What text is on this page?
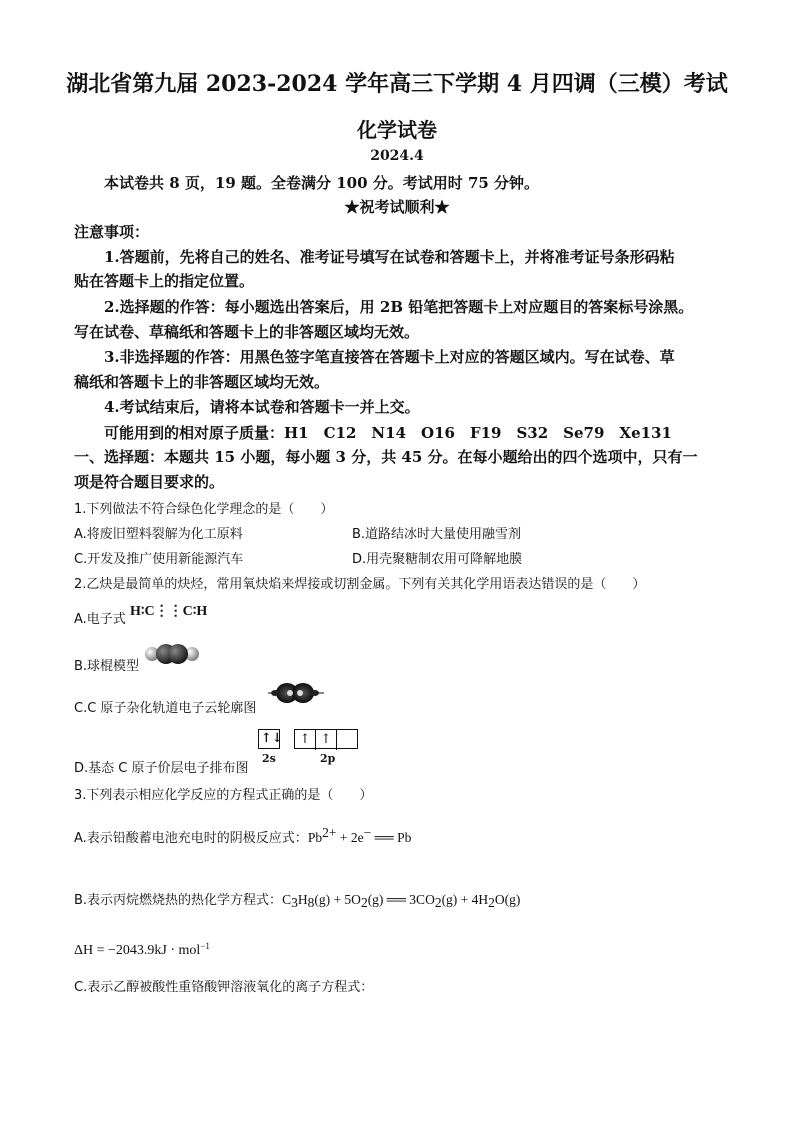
湖北省第九届 2023-2024 学年高三下学期 4 月四调（三模）考试
化学试卷
2024.4
本试卷共 8 页，19 题。全卷满分 100 分。考试用时 75 分钟。
★祝考试顺利★
注意事项：
1.答题前，先将自己的姓名、准考证号填写在试卷和答题卡上，并将准考证号条形码粘
贴在答题卡上的指定位置。
2.选择题的作答：每小题选出答案后，用 2B 铅笔把答题卡上对应题目的答案标号涂黑。
写在试卷、草稿纸和答题卡上的非答题区域均无效。
3.非选择题的作答：用黑色签字笔直接答在答题卡上对应的答题区域内。写在试卷、草
稿纸和答题卡上的非答题区域均无效。
4.考试结束后，请将本试卷和答题卡一并上交。
可能用到的相对原子质量：H1　C12　N14　O16　F19　S32　Se79　Xe131
一、选择题：本题共 15 小题，每小题 3 分，共 45 分。在每小题给出的四个选项中，只有一
项是符合题目要求的。
1.下列做法不符合绿色化学理念的是（　　）
A.将废旧塑料裂解为化工原料	B.道路结冰时大量使用融雪剂
C.开发及推广使用新能源汽车	D.用壳聚糖制农用可降解地膜
2.乙炔是最简单的炔烃，常用氧炔焰来焊接或切割金属。下列有关其化学用语表达错误的是（　　）
A.电子式
H∶C⋮⋮C∶H
B.球棍模型
C.C 原子杂化轨道电子云轮廓图
D.基态 C 原子价层电子排布图
↑↓	↑ ↑
2s	2p
3.下列表示相应化学反应的方程式正确的是（　　）
A.表示铅酸蓄电池充电时的阴极反应式：$Pb^{2+} + 2e^-$ ══ Pb
B.表示丙烷燃烧热的热化学方程式：$C_3H_8(g) + 5O_2(g)$ ══ $3CO_2(g) + 4H_2O(g)$
ΔH = −2043.9kJ · mol$^{-1}$
C.表示乙醇被酸性重铬酸钾溶液氧化的离子方程式：
